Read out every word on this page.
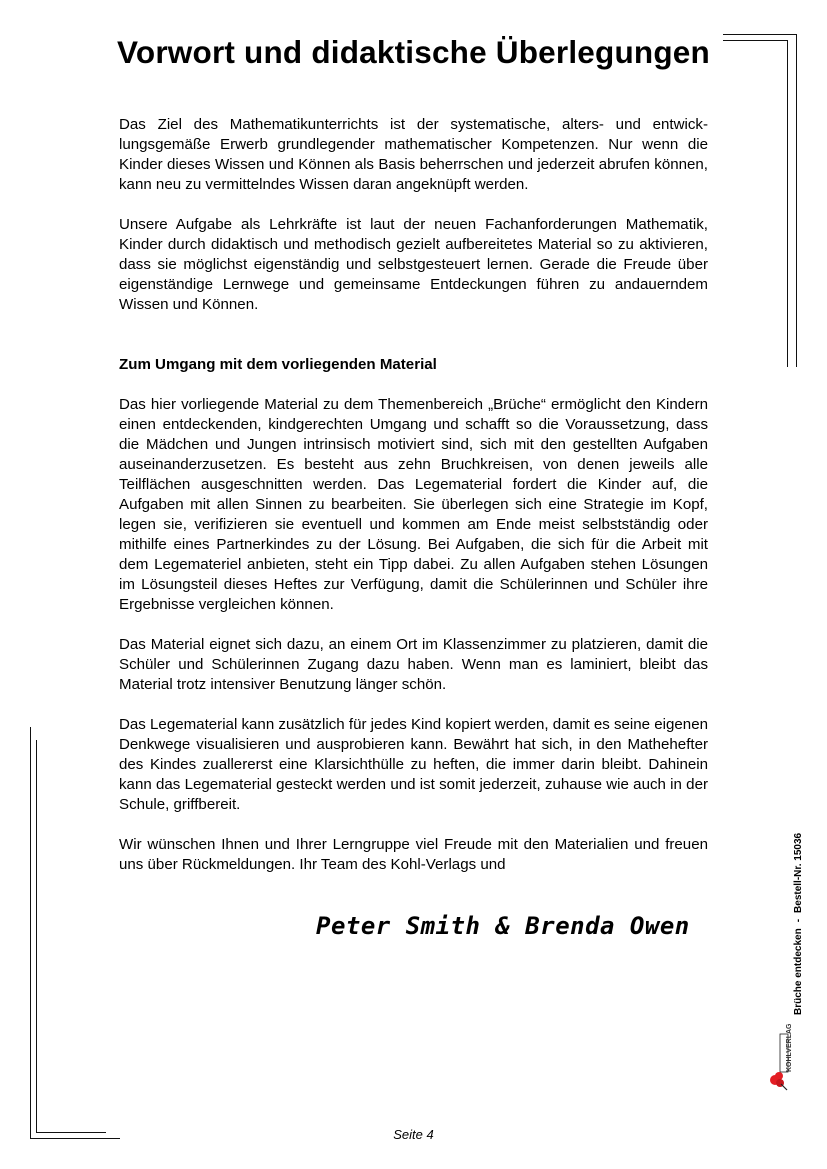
Vorwort und didaktische Überlegungen

Das Ziel des Mathematikunterrichts ist der systematische, alters- und entwicklungsgemäße Erwerb grundlegender mathematischer Kompetenzen. Nur wenn die Kinder dieses Wissen und Können als Basis beherrschen und jederzeit abrufen können, kann neu zu vermittelndes Wissen daran angeknüpft werden.

Unsere Aufgabe als Lehrkräfte ist laut der neuen Fachanforderungen Mathematik, Kinder durch didaktisch und methodisch gezielt aufbereitetes Material so zu aktivieren, dass sie möglichst eigenständig und selbstgesteuert lernen. Gerade die Freude über eigenständige Lernwege und gemeinsame Entdeckungen führen zu andauerndem Wissen und Können.

Zum Umgang mit dem vorliegenden Material

Das hier vorliegende Material zu dem Themenbereich „Brüche“ ermöglicht den Kindern einen entdeckenden, kindgerechten Umgang und schafft so die Voraussetzung, dass die Mädchen und Jungen intrinsisch motiviert sind, sich mit den gestellten Aufgaben auseinanderzusetzen. Es besteht aus zehn Bruchkreisen, von denen jeweils alle Teilflächen ausgeschnitten werden. Das Legematerial fordert die Kinder auf, die Aufgaben mit allen Sinnen zu bearbeiten. Sie überlegen sich eine Strategie im Kopf, legen sie, verifizieren sie eventuell und kommen am Ende meist selbstständig oder mithilfe eines Partnerkindes zu der Lösung. Bei Aufgaben, die sich für die Arbeit mit dem Legemateriel anbieten, steht ein Tipp dabei. Zu allen Aufgaben stehen Lösungen im Lösungsteil dieses Heftes zur Verfügung, damit die Schülerinnen und Schüler ihre Ergebnisse vergleichen können.

Das Material eignet sich dazu, an einem Ort im Klassenzimmer zu platzieren, damit die Schüler und Schülerinnen Zugang dazu haben. Wenn man es laminiert, bleibt das Material trotz intensiver Benutzung länger schön.

Das Legematerial kann zusätzlich für jedes Kind kopiert werden, damit es seine eigenen Denkwege visualisieren und ausprobieren kann. Bewährt hat sich, in den Mathehefter des Kindes zuallererst eine Klarsichthülle zu heften, die immer darin bleibt. Dahinein kann das Legematerial gesteckt werden und ist somit jederzeit, zuhause wie auch in der Schule, griffbereit.

Wir wünschen Ihnen und Ihrer Lerngruppe viel Freude mit den Materialien und freuen uns über Rückmeldungen. Ihr Team des Kohl-Verlags und

Peter Smith & Brenda Owen
Brüche entdecken-Bestell-Nr. 15036
KOHLVERLAG
Seite 4
